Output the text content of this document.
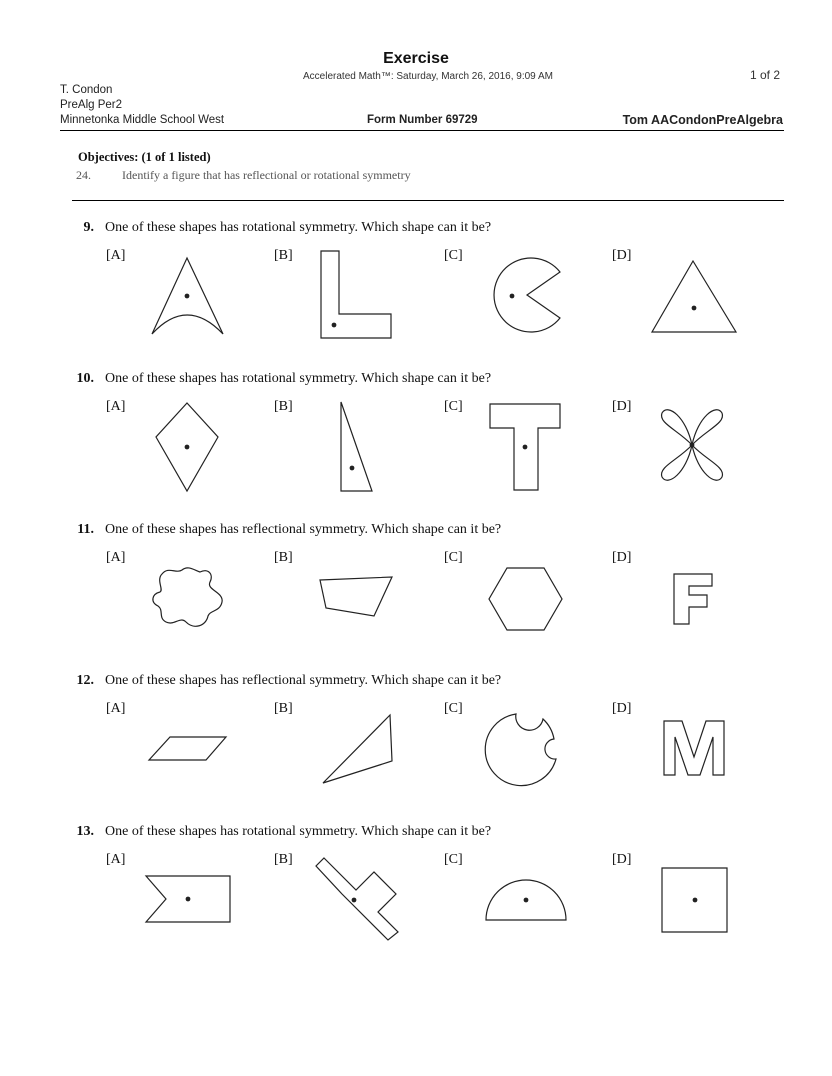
Exercise
Accelerated Math™: Saturday, March 26, 2016, 9:09 AM	1 of 2
T. Condon
PreAlg Per2
Minnetonka Middle School West	Form Number 69729	Tom AACondonPreAlgebra
Objectives: (1 of 1 listed)
24.	Identify a figure that has reflectional or rotational symmetry
9. One of these shapes has rotational symmetry. Which shape can it be?
[A]	[B]	[C]	[D]
10. One of these shapes has rotational symmetry. Which shape can it be?
[A]	[B]	[C]	[D]
11. One of these shapes has reflectional symmetry. Which shape can it be?
[A]	[B]	[C]	[D]
12. One of these shapes has reflectional symmetry. Which shape can it be?
[A]	[B]	[C]	[D]
13. One of these shapes has rotational symmetry. Which shape can it be?
[A]	[B]	[C]	[D]
